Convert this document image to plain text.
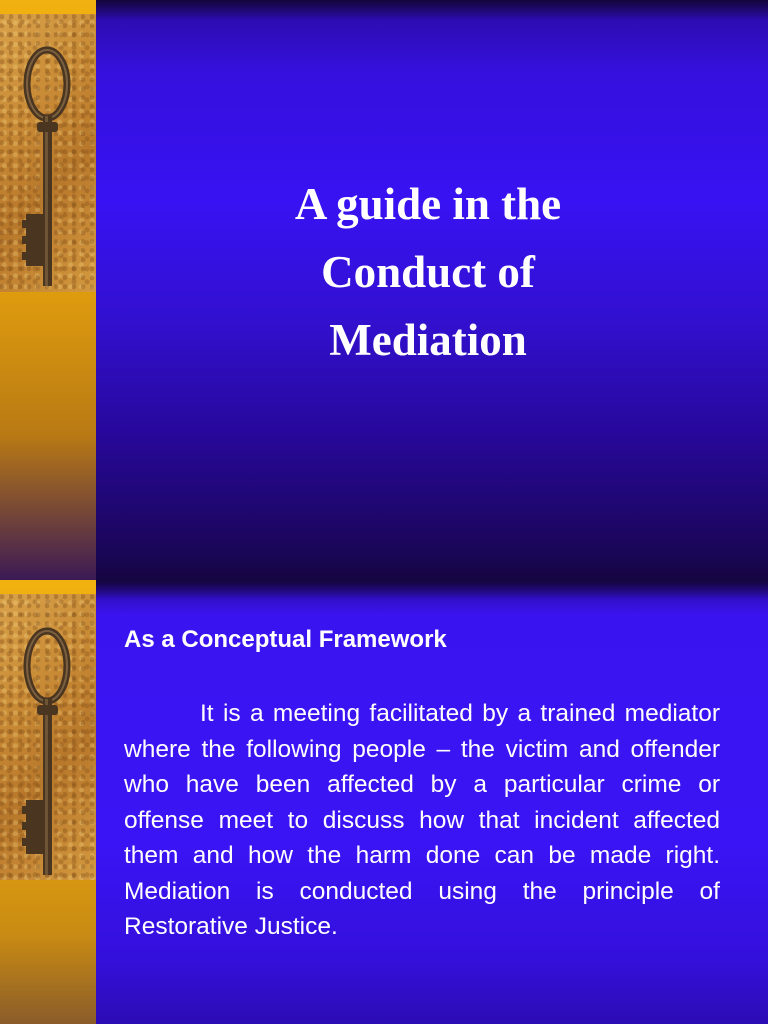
A guide in the
Conduct of
Mediation
As a Conceptual Framework
It is a meeting facilitated by a trained mediator where the following people – the victim and offender who have been affected by a particular crime or offense meet to discuss how that incident affected them and how the harm done can be made right. Mediation is conducted using the principle of Restorative Justice.
